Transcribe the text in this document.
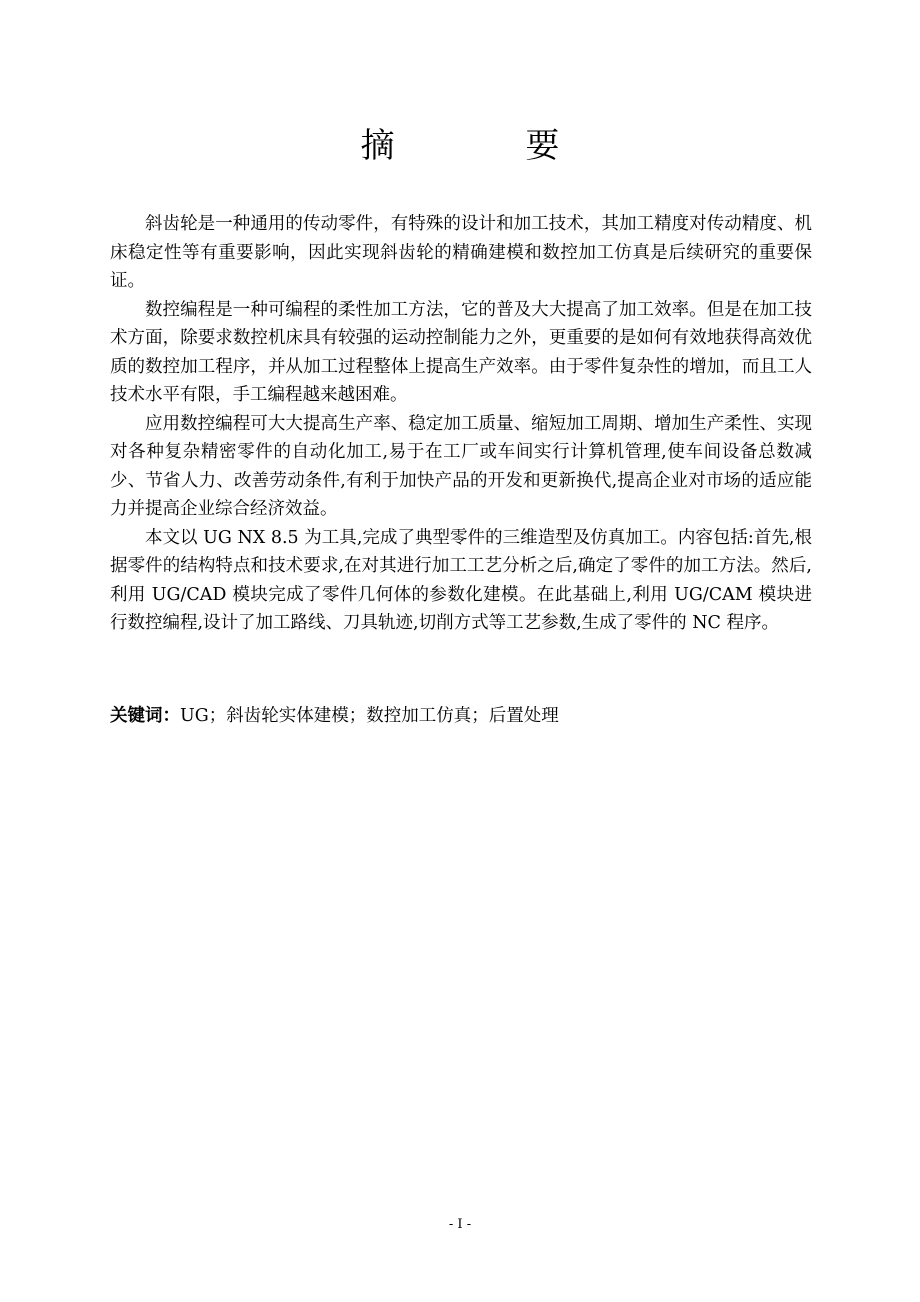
摘 要

斜齿轮是一种通用的传动零件，有特殊的设计和加工技术，其加工精度对传动精度、机床稳定性等有重要影响，因此实现斜齿轮的精确建模和数控加工仿真是后续研究的重要保证。

数控编程是一种可编程的柔性加工方法，它的普及大大提高了加工效率。但是在加工技术方面，除要求数控机床具有较强的运动控制能力之外，更重要的是如何有效地获得高效优质的数控加工程序，并从加工过程整体上提高生产效率。由于零件复杂性的增加，而且工人技术水平有限，手工编程越来越困难。

应用数控编程可大大提高生产率、稳定加工质量、缩短加工周期、增加生产柔性、实现对各种复杂精密零件的自动化加工,易于在工厂或车间实行计算机管理,使车间设备总数减少、节省人力、改善劳动条件,有利于加快产品的开发和更新换代,提高企业对市场的适应能力并提高企业综合经济效益。

本文以 UG NX 8.5 为工具,完成了典型零件的三维造型及仿真加工。内容包括:首先,根据零件的结构特点和技术要求,在对其进行加工工艺分析之后,确定了零件的加工方法。然后,利用 UG/CAD 模块完成了零件几何体的参数化建模。在此基础上,利用 UG/CAM 模块进行数控编程,设计了加工路线、刀具轨迹,切削方式等工艺参数,生成了零件的 NC 程序。

关键词：UG；斜齿轮实体建模；数控加工仿真；后置处理

- I -
